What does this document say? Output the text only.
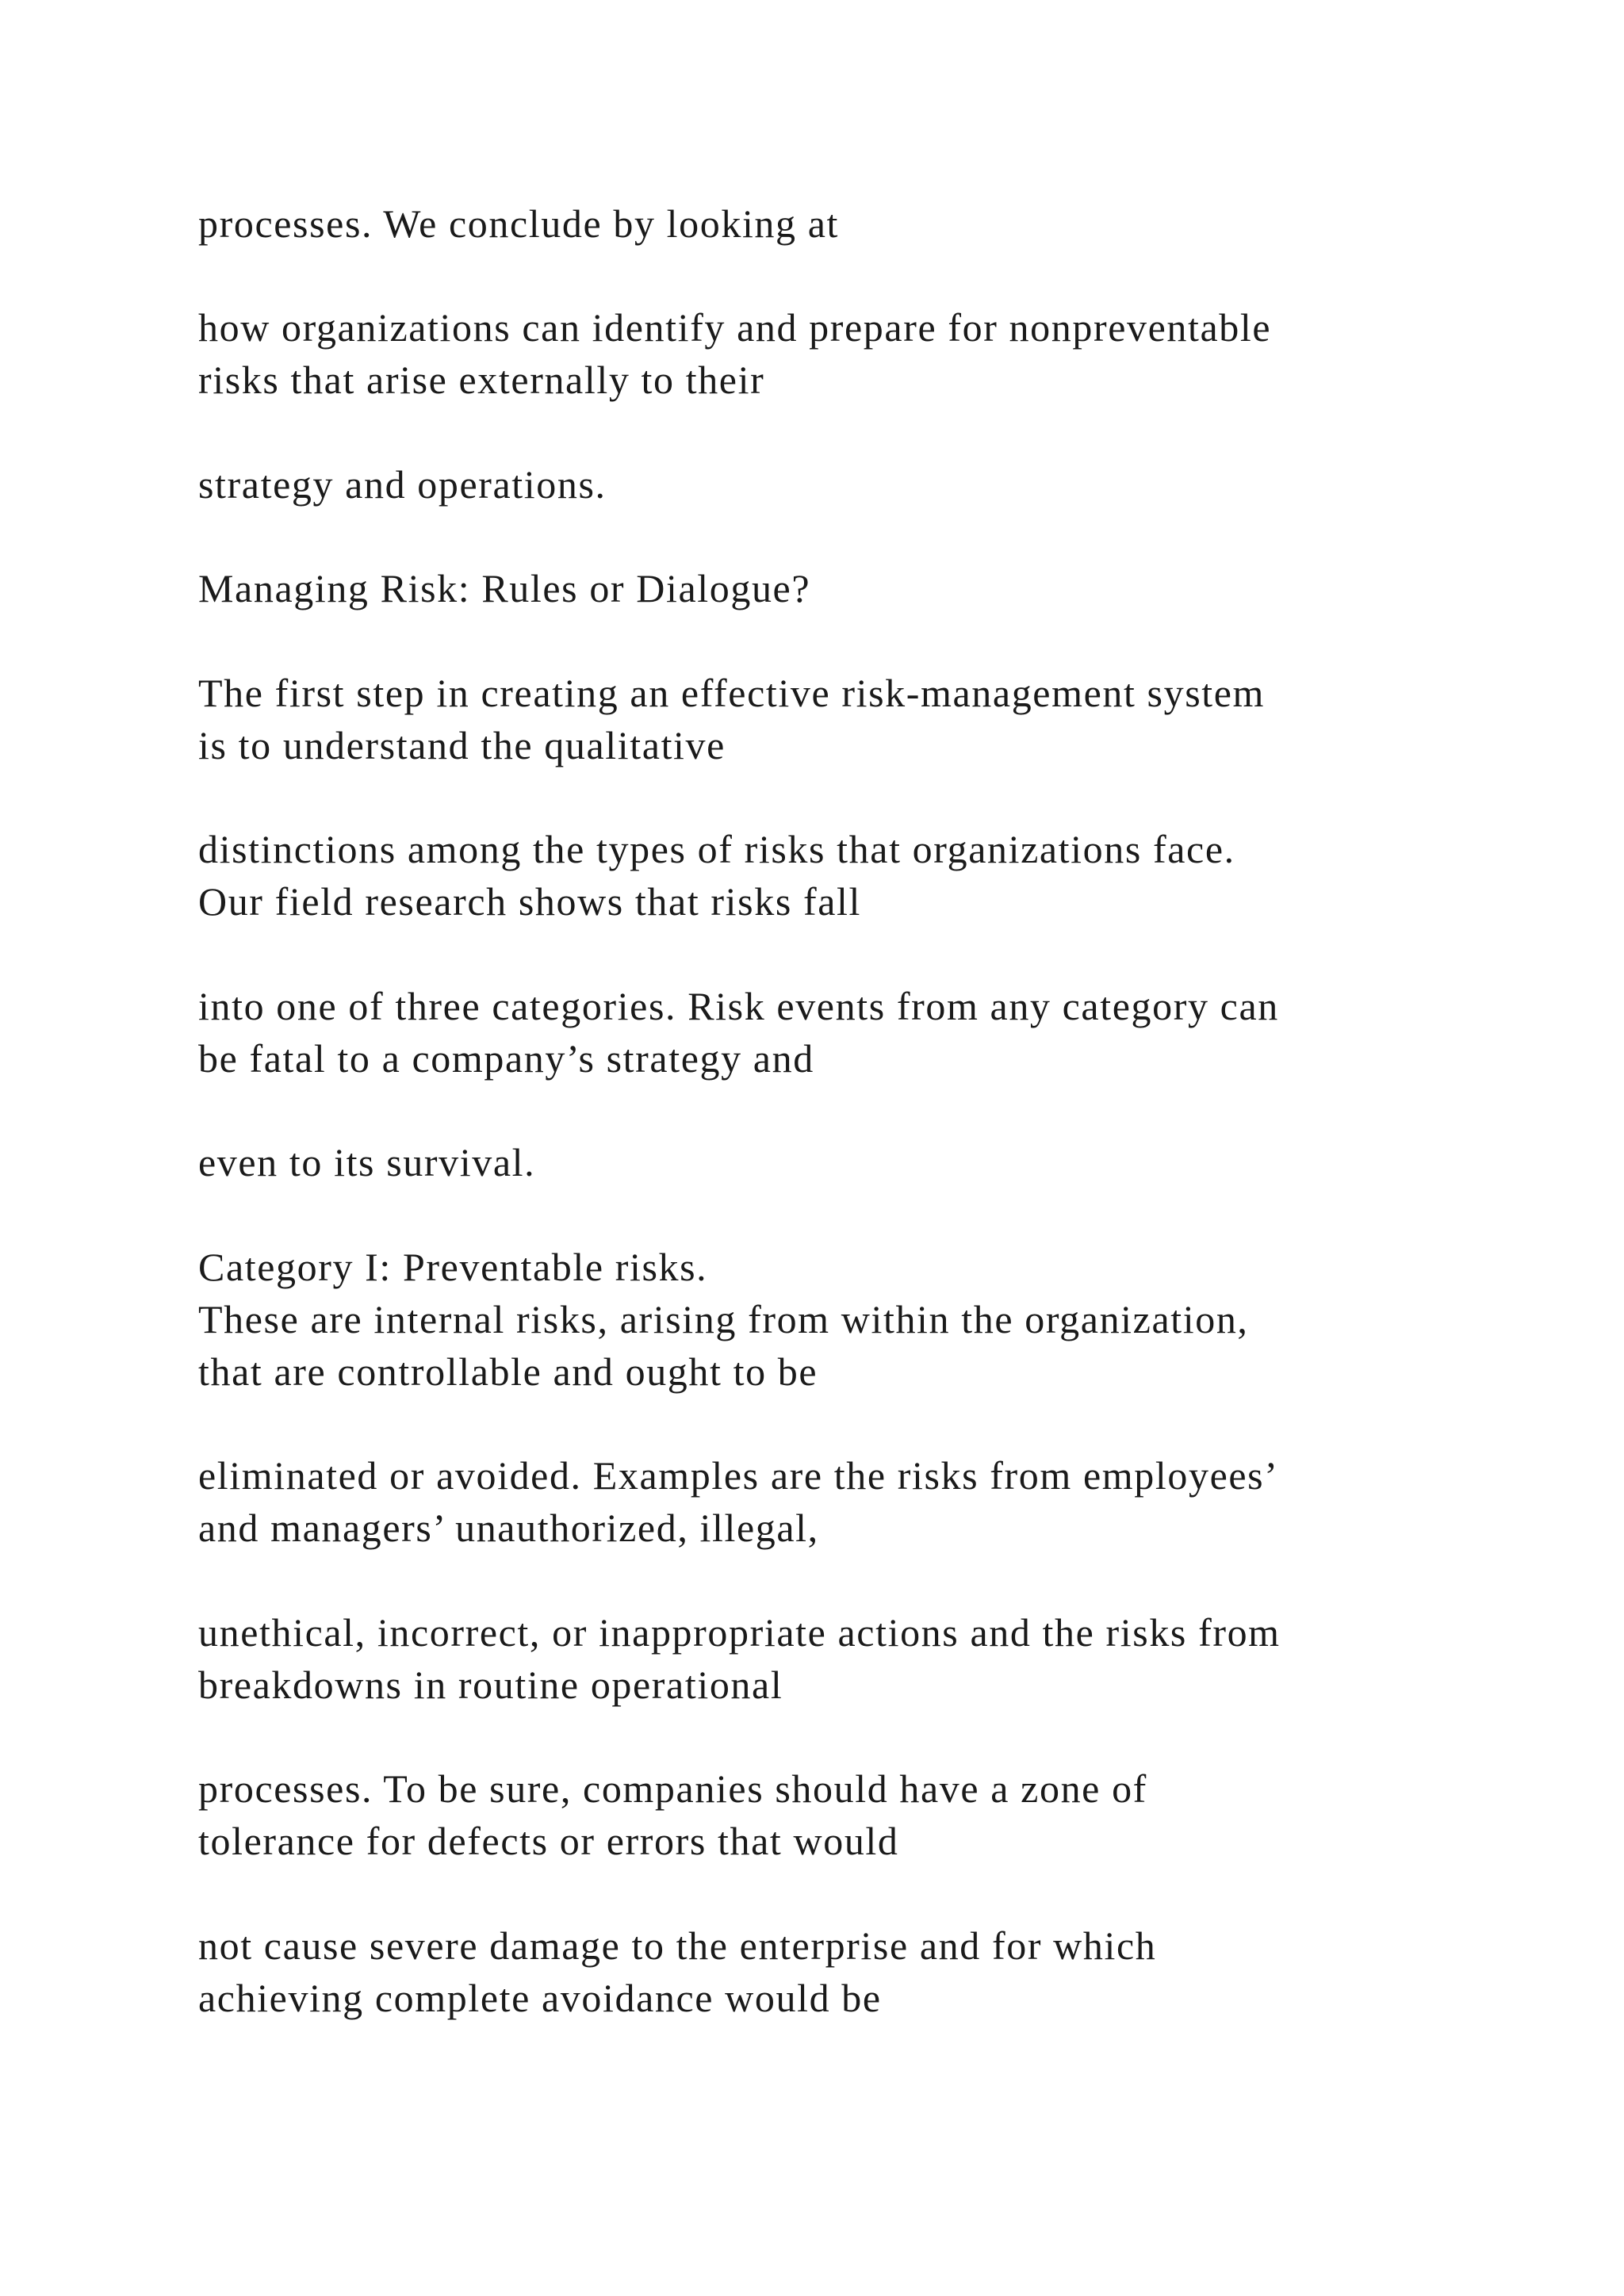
processes. We conclude by looking at

how organizations can identify and prepare for nonpreventable

risks that arise externally to their

strategy and operations.

Managing Risk: Rules or Dialogue?

The first step in creating an effective risk-management system

is to understand the qualitative

distinctions among the types of risks that organizations face.

Our field research shows that risks fall

into one of three categories. Risk events from any category can

be fatal to a company’s strategy and

even to its survival.

Category I: Preventable risks.

These are internal risks, arising from within the organization,

that are controllable and ought to be

eliminated or avoided. Examples are the risks from employees’

and managers’ unauthorized, illegal,

unethical, incorrect, or inappropriate actions and the risks from

breakdowns in routine operational

processes. To be sure, companies should have a zone of

tolerance for defects or errors that would

not cause severe damage to the enterprise and for which

achieving complete avoidance would be
